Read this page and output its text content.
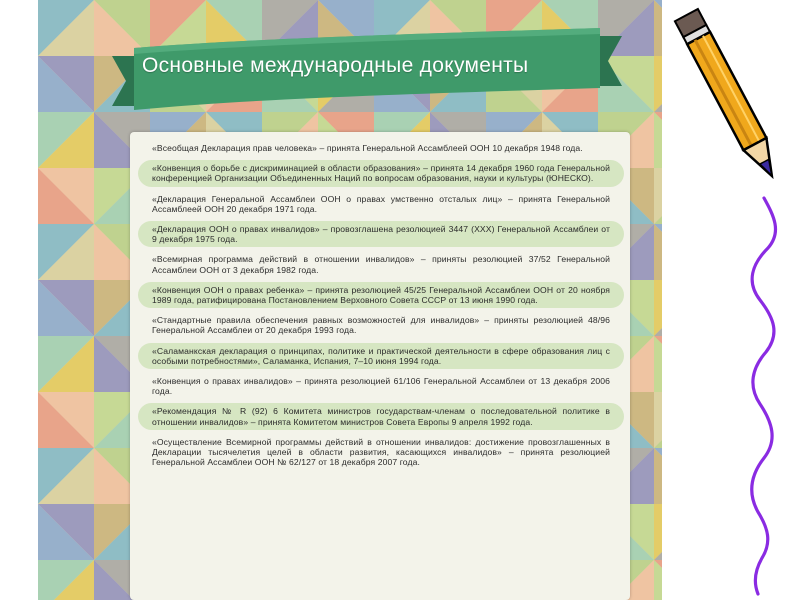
Основные международные документы
«Всеобщая Декларация прав человека» – принята Генеральной Ассамблеей ООН 10 декабря 1948 года.
«Конвенция о борьбе с дискриминацией в области образования» – принята 14 декабря 1960 года Генеральной конференцией Организации Объединенных Наций по вопросам образования, науки и культуры (ЮНЕСКО).
«Декларация Генеральной Ассамблеи ООН о правах умственно отсталых лиц» – принята Генеральной Ассамблеей ООН 20 декабря 1971 года.
«Декларация ООН о правах инвалидов» – провозглашена резолюцией 3447 (XXX) Генеральной Ассамблеи от 9 декабря 1975 года.
«Всемирная программа действий в отношении инвалидов» – приняты резолюцией 37/52 Генеральной Ассамблеи ООН от 3 декабря 1982 года.
«Конвенция ООН о правах ребенка» – принята резолюцией 45/25 Генеральной Ассамблеи ООН от 20 ноября 1989 года, ратифицирована Постановлением Верховного Совета СССР от 13 июня 1990 года.
«Стандартные правила обеспечения равных возможностей для инвалидов» – приняты резолюцией 48/96 Генеральной Ассамблеи от 20 декабря 1993 года.
«Саламанкская декларация о принципах, политике и практической деятельности в сфере образования лиц с особыми потребностями», Саламанка, Испания, 7–10 июня 1994 года.
«Конвенция о правах инвалидов» – принята резолюцией 61/106 Генеральной Ассамблеи от 13 декабря 2006 года.
«Рекомендация № R (92) 6 Комитета министров государствам-членам о последовательной политике в отношении инвалидов» – принята Комитетом министров Совета Европы 9 апреля 1992 года.
«Осуществление Всемирной программы действий в отношении инвалидов: достижение провозглашенных в Декларации тысячелетия целей в области развития, касающихся инвалидов» – принята резолюцией Генеральной Ассамблеи ООН № 62/127 от 18 декабря 2007 года.
